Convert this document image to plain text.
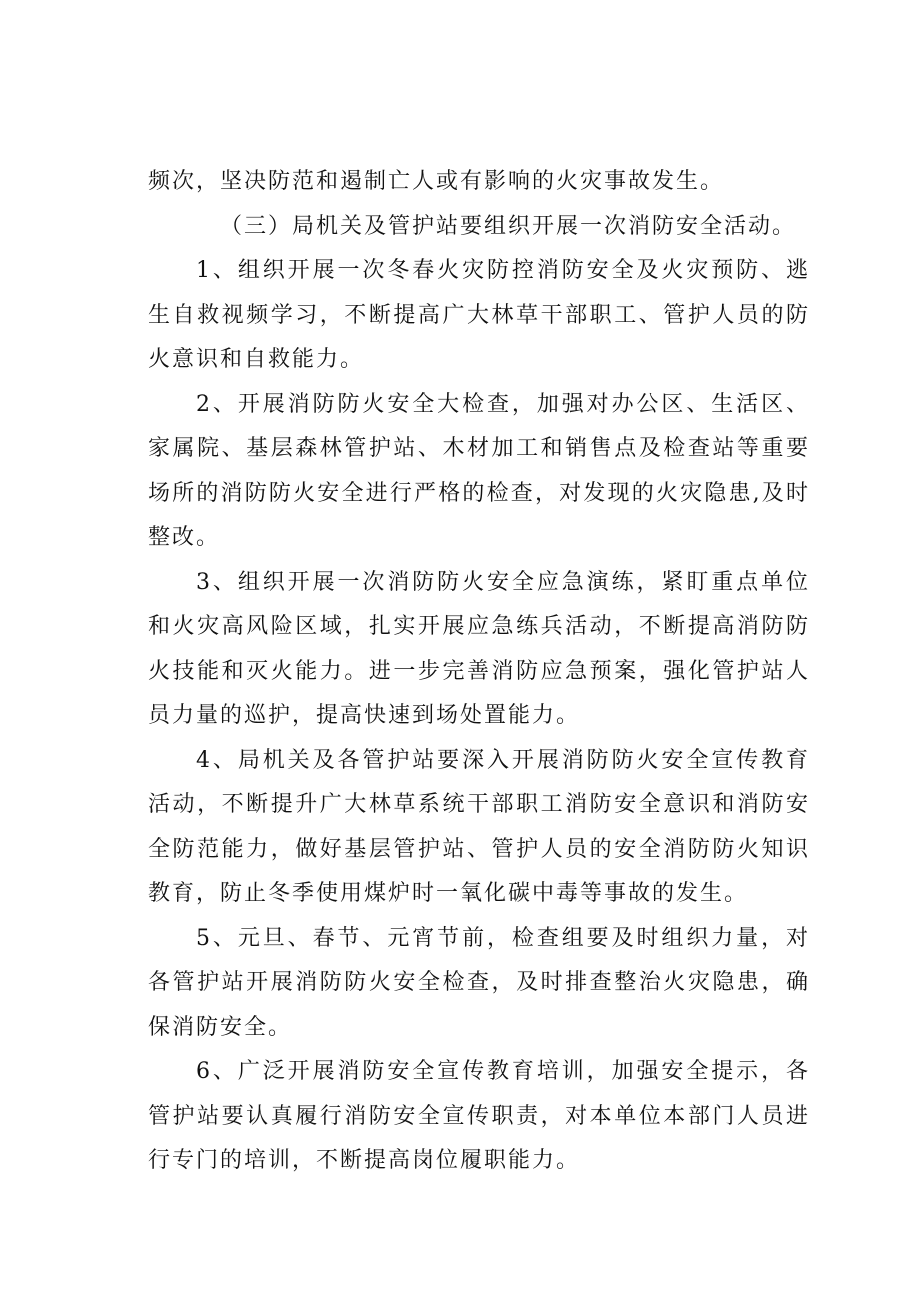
频次，坚决防范和遏制亡人或有影响的火灾事故发生。

（三）局机关及管护站要组织开展一次消防安全活动。

1、组织开展一次冬春火灾防控消防安全及火灾预防、逃生自救视频学习，不断提高广大林草干部职工、管护人员的防火意识和自救能力。

2、开展消防防火安全大检查，加强对办公区、生活区、家属院、基层森林管护站、木材加工和销售点及检查站等重要场所的消防防火安全进行严格的检查，对发现的火灾隐患,及时整改。

3、组织开展一次消防防火安全应急演练，紧盯重点单位和火灾高风险区域，扎实开展应急练兵活动，不断提高消防防火技能和灭火能力。进一步完善消防应急预案，强化管护站人员力量的巡护，提高快速到场处置能力。

4、局机关及各管护站要深入开展消防防火安全宣传教育活动，不断提升广大林草系统干部职工消防安全意识和消防安全防范能力，做好基层管护站、管护人员的安全消防防火知识教育，防止冬季使用煤炉时一氧化碳中毒等事故的发生。

5、元旦、春节、元宵节前，检查组要及时组织力量，对各管护站开展消防防火安全检查，及时排查整治火灾隐患，确保消防安全。

6、广泛开展消防安全宣传教育培训，加强安全提示，各管护站要认真履行消防安全宣传职责，对本单位本部门人员进行专门的培训，不断提高岗位履职能力。
